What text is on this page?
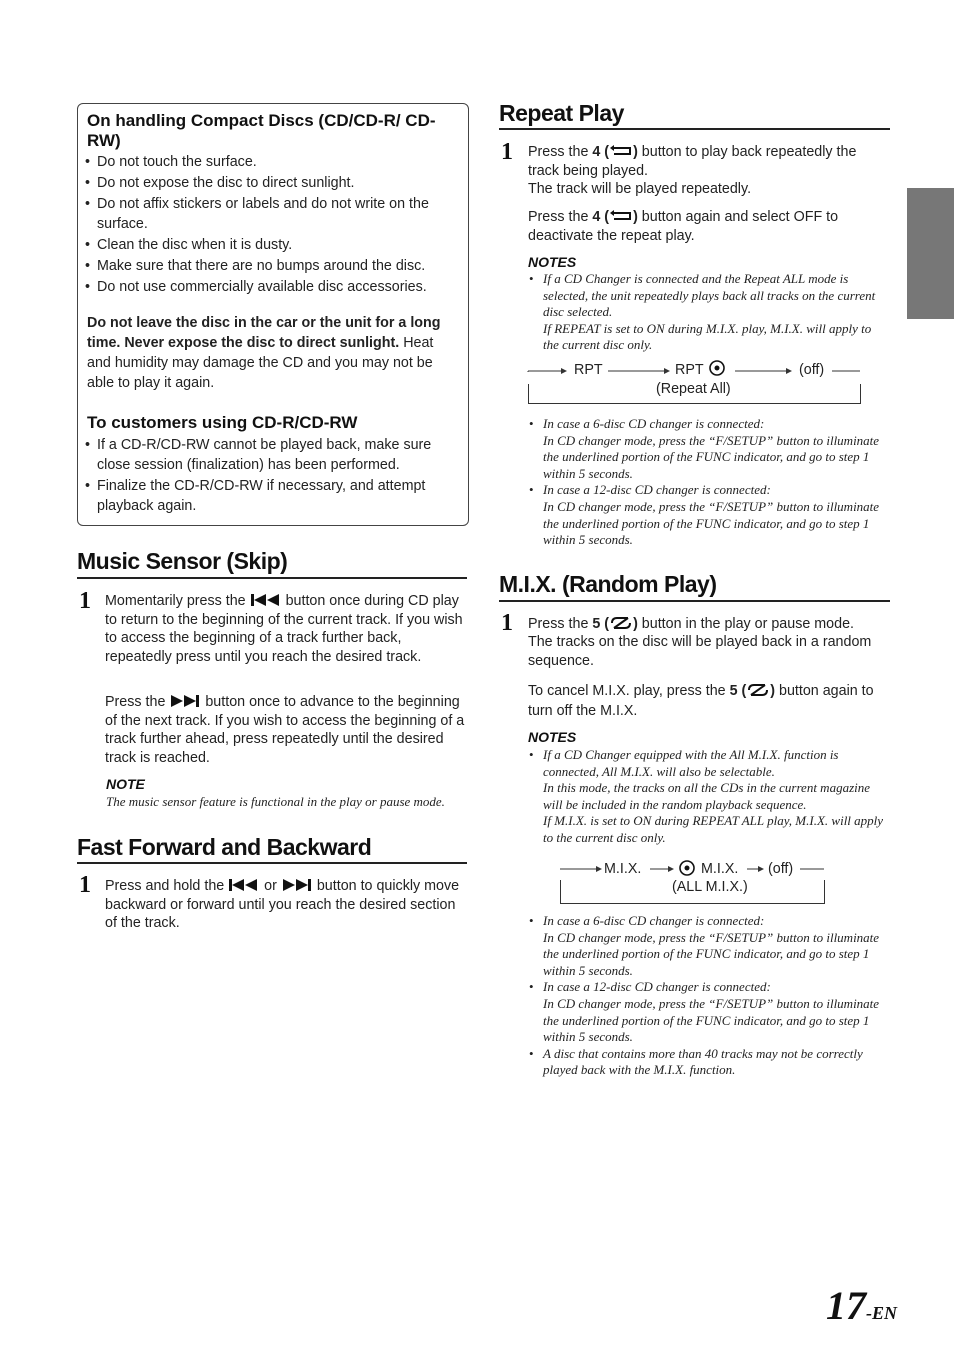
On handling Compact Discs (CD/CD-R/ CD-RW)
• Do not touch the surface.
• Do not expose the disc to direct sunlight.
• Do not affix stickers or labels and do not write on the surface.
• Clean the disc when it is dusty.
• Make sure that there are no bumps around the disc.
• Do not use commercially available disc accessories.
Do not leave the disc in the car or the unit for a long time. Never expose the disc to direct sunlight. Heat and humidity may damage the CD and you may not be able to play it again.
To customers using CD-R/CD-RW
• If a CD-R/CD-RW cannot be played back, make sure close session (finalization) has been performed.
• Finalize the CD-R/CD-RW if necessary, and attempt playback again.
Music Sensor (Skip)
1 Momentarily press the  button once during CD play to return to the beginning of the current track. If you wish to access the beginning of a track further back, repeatedly press until you reach the desired track.
Press the  button once to advance to the beginning of the next track. If you wish to access the beginning of a track further ahead, press repeatedly until the desired track is reached.
NOTE
The music sensor feature is functional in the play or pause mode.
Fast Forward and Backward
1 Press and hold the  or  button to quickly move backward or forward until you reach the desired section of the track.
Repeat Play
1 Press the 4 ( ) button to play back repeatedly the track being played.
The track will be played repeatedly.
Press the 4 ( ) button again and select OFF to deactivate the repeat play.
NOTES
• If a CD Changer is connected and the Repeat ALL mode is selected, the unit repeatedly plays back all tracks on the current disc selected.
If REPEAT is set to ON during M.I.X. play, M.I.X. will apply to the current disc only.
RPT	RPT	(off)
(Repeat All)
• In case a 6-disc CD changer is connected:
In CD changer mode, press the “F/SETUP” button to illuminate the underlined portion of the FUNC indicator, and go to step 1 within 5 seconds.
• In case a 12-disc CD changer is connected:
In CD changer mode, press the “F/SETUP” button to illuminate the underlined portion of the FUNC indicator, and go to step 1 within 5 seconds.
M.I.X. (Random Play)
1 Press the 5 ( ) button in the play or pause mode.
The tracks on the disc will be played back in a random sequence.
To cancel M.I.X. play, press the 5 ( ) button again to turn off the M.I.X.
NOTES
• If a CD Changer equipped with the All M.I.X. function is connected, All M.I.X. will also be selectable.
In this mode, the tracks on all the CDs in the current magazine will be included in the random playback sequence.
If M.I.X. is set to ON during REPEAT ALL play, M.I.X. will apply to the current disc only.
M.I.X.	M.I.X. (off)
(ALL M.I.X.)
• In case a 6-disc CD changer is connected:
In CD changer mode, press the “F/SETUP” button to illuminate the underlined portion of the FUNC indicator, and go to step 1 within 5 seconds.
• In case a 12-disc CD changer is connected:
In CD changer mode, press the “F/SETUP” button to illuminate the underlined portion of the FUNC indicator, and go to step 1 within 5 seconds.
• A disc that contains more than 40 tracks may not be correctly played back with the M.I.X. function.
17-EN
